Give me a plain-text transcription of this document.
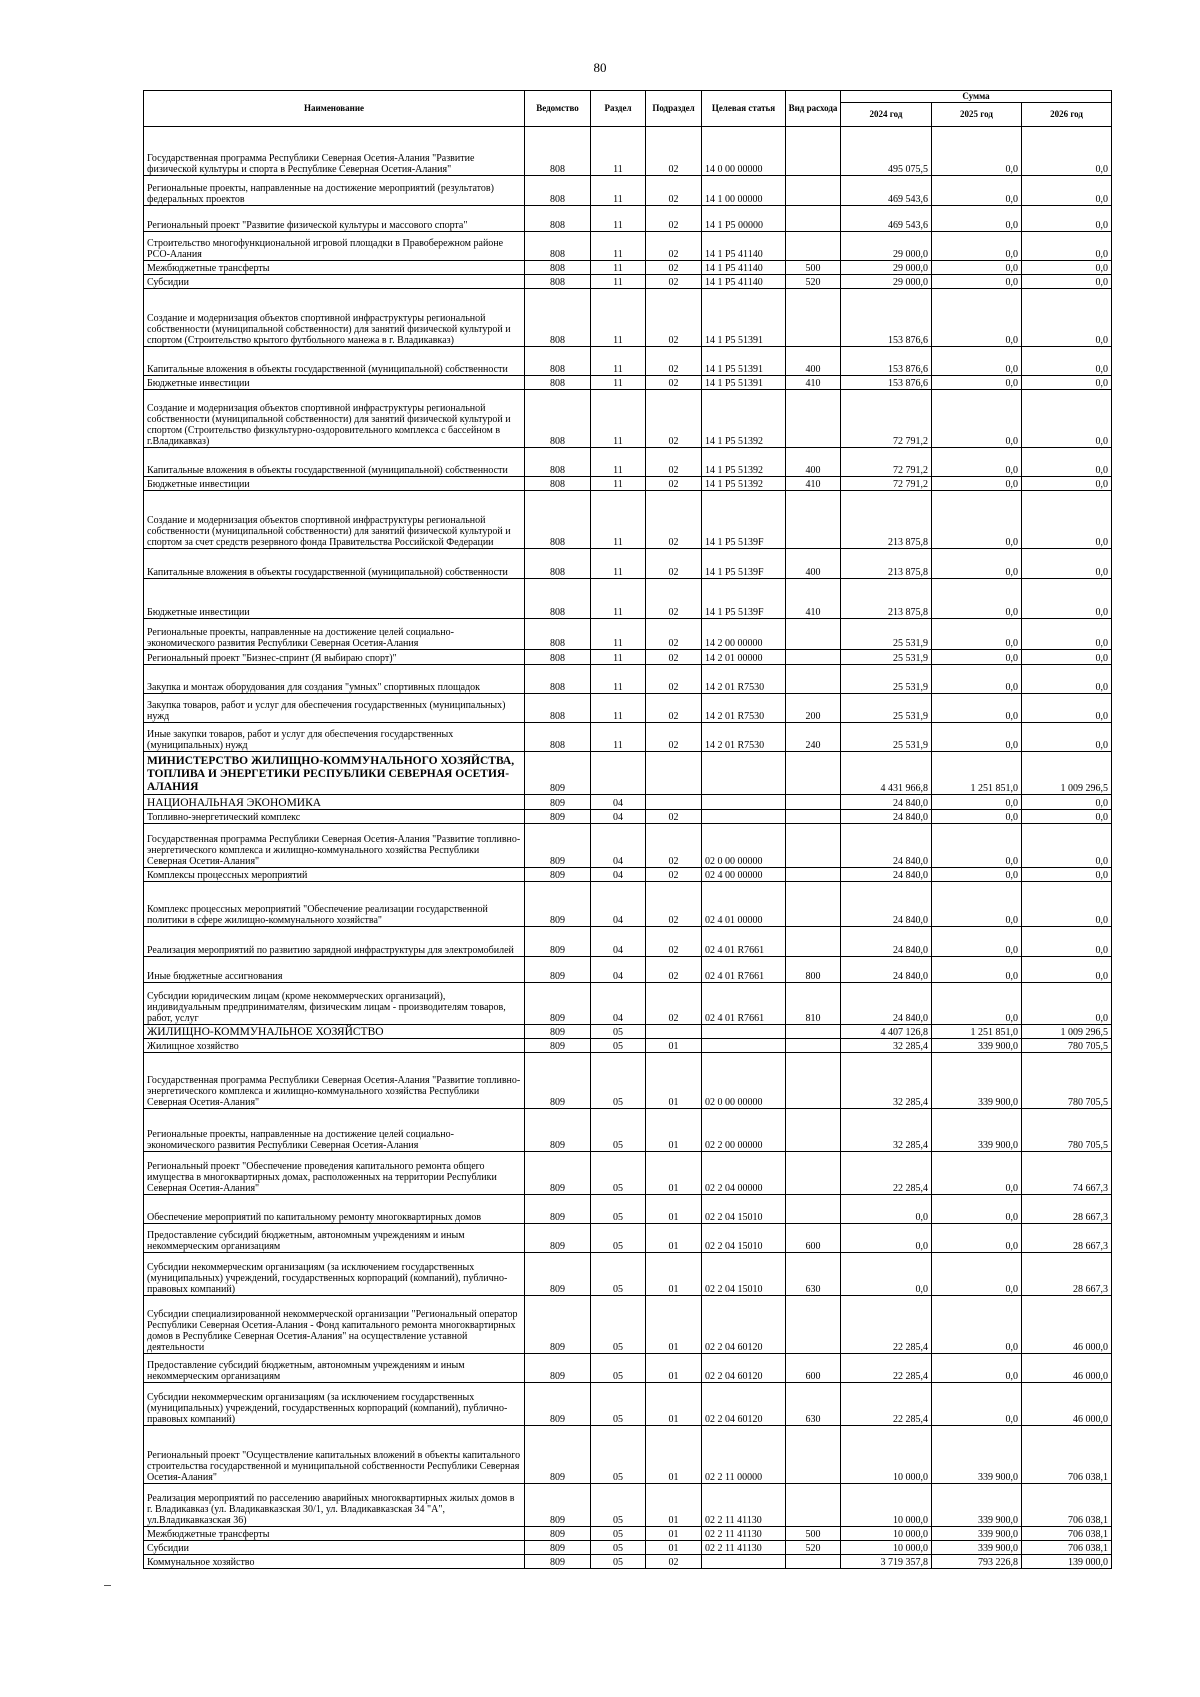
80
Наименование	Ведомство	Раздел	Подраздел	Целевая статья	Вид расхода	Сумма		
						2024 год	2025 год	2026 год
Государственная программа Республики Северная Осетия-Алания "Развитие физической культуры и спорта в Республике Северная Осетия-Алания"	808	11	02	14 0 00 00000		495 075,5	0,0	0,0
Региональные проекты, направленные на достижение мероприятий (результатов) федеральных проектов	808	11	02	14 1 00 00000		469 543,6	0,0	0,0
Региональный проект "Развитие физической культуры и массового спорта"	808	11	02	14 1 P5 00000		469 543,6	0,0	0,0
Строительство многофункциональной игровой площадки в Правобережном районе РСО-Алания	808	11	02	14 1 P5 41140		29 000,0	0,0	0,0
Межбюджетные трансферты	808	11	02	14 1 P5 41140	500	29 000,0	0,0	0,0
Субсидии	808	11	02	14 1 P5 41140	520	29 000,0	0,0	0,0
Создание и модернизация объектов спортивной инфраструктуры региональной собственности (муниципальной собственности) для занятий физической культурой и спортом (Строительство крытого футбольного манежа в г. Владикавказ)	808	11	02	14 1 P5 51391		153 876,6	0,0	0,0
Капитальные вложения в объекты государственной (муниципальной) собственности	808	11	02	14 1 P5 51391	400	153 876,6	0,0	0,0
Бюджетные инвестиции	808	11	02	14 1 P5 51391	410	153 876,6	0,0	0,0
Создание и модернизация объектов спортивной инфраструктуры региональной собственности (муниципальной собственности) для занятий физической культурой и спортом (Строительство физкультурно-оздоровительного комплекса с бассейном в г.Владикавказ)	808	11	02	14 1 P5 51392		72 791,2	0,0	0,0
Капитальные вложения в объекты государственной (муниципальной) собственности	808	11	02	14 1 P5 51392	400	72 791,2	0,0	0,0
Бюджетные инвестиции	808	11	02	14 1 P5 51392	410	72 791,2	0,0	0,0
Создание и модернизация объектов спортивной инфраструктуры региональной собственности (муниципальной собственности) для занятий физической культурой и спортом за счет средств резервного фонда Правительства Российской Федерации	808	11	02	14 1 P5 5139F		213 875,8	0,0	0,0
Капитальные вложения в объекты государственной (муниципальной) собственности	808	11	02	14 1 P5 5139F	400	213 875,8	0,0	0,0
Бюджетные инвестиции	808	11	02	14 1 P5 5139F	410	213 875,8	0,0	0,0
Региональные проекты, направленные на достижение целей социально-экономического развития Республики Северная Осетия-Алания	808	11	02	14 2 00 00000		25 531,9	0,0	0,0
Региональный проект "Бизнес-спринт (Я выбираю спорт)"	808	11	02	14 2 01 00000		25 531,9	0,0	0,0
Закупка и монтаж оборудования для создания "умных" спортивных площадок	808	11	02	14 2 01 R7530		25 531,9	0,0	0,0
Закупка товаров, работ и услуг для обеспечения государственных (муниципальных) нужд	808	11	02	14 2 01 R7530	200	25 531,9	0,0	0,0
Иные закупки товаров, работ и услуг для обеспечения государственных (муниципальных) нужд	808	11	02	14 2 01 R7530	240	25 531,9	0,0	0,0
МИНИСТЕРСТВО ЖИЛИЩНО-КОММУНАЛЬНОГО ХОЗЯЙСТВА, ТОПЛИВА И ЭНЕРГЕТИКИ РЕСПУБЛИКИ СЕВЕРНАЯ ОСЕТИЯ-АЛАНИЯ	809					4 431 966,8	1 251 851,0	1 009 296,5
НАЦИОНАЛЬНАЯ ЭКОНОМИКА	809	04				24 840,0	0,0	0,0
Топливно-энергетический комплекс	809	04	02			24 840,0	0,0	0,0
Государственная программа Республики Северная Осетия-Алания "Развитие топливно-энергетического комплекса и жилищно-коммунального хозяйства Республики Северная Осетия-Алания"	809	04	02	02 0 00 00000		24 840,0	0,0	0,0
Комплексы процессных мероприятий	809	04	02	02 4 00 00000		24 840,0	0,0	0,0
Комплекс процессных мероприятий "Обеспечение реализации государственной политики в сфере жилищно-коммунального хозяйства"	809	04	02	02 4 01 00000		24 840,0	0,0	0,0
Реализация мероприятий по развитию зарядной инфраструктуры для электромобилей	809	04	02	02 4 01 R7661		24 840,0	0,0	0,0
Иные бюджетные ассигнования	809	04	02	02 4 01 R7661	800	24 840,0	0,0	0,0
Субсидии юридическим лицам (кроме некоммерческих организаций), индивидуальным предпринимателям, физическим лицам - производителям товаров, работ, услуг	809	04	02	02 4 01 R7661	810	24 840,0	0,0	0,0
ЖИЛИЩНО-КОММУНАЛЬНОЕ ХОЗЯЙСТВО	809	05				4 407 126,8	1 251 851,0	1 009 296,5
Жилищное хозяйство	809	05	01			32 285,4	339 900,0	780 705,5
Государственная программа Республики Северная Осетия-Алания "Развитие топливно-энергетического комплекса и жилищно-коммунального хозяйства Республики Северная Осетия-Алания"	809	05	01	02 0 00 00000		32 285,4	339 900,0	780 705,5
Региональные проекты, направленные на достижение целей социально-экономического развития Республики Северная Осетия-Алания	809	05	01	02 2 00 00000		32 285,4	339 900,0	780 705,5
Региональный проект "Обеспечение проведения капитального ремонта общего имущества в многоквартирных домах, расположенных на территории Республики Северная Осетия-Алания"	809	05	01	02 2 04 00000		22 285,4	0,0	74 667,3
Обеспечение мероприятий по капитальному ремонту многоквартирных домов	809	05	01	02 2 04 15010		0,0	0,0	28 667,3
Предоставление субсидий бюджетным, автономным учреждениям и иным некоммерческим организациям	809	05	01	02 2 04 15010	600	0,0	0,0	28 667,3
Субсидии некоммерческим организациям (за исключением государственных (муниципальных) учреждений, государственных корпораций (компаний), публично-правовых компаний)	809	05	01	02 2 04 15010	630	0,0	0,0	28 667,3
Субсидии специализированной некоммерческой организации "Региональный оператор Республики Северная Осетия-Алания - Фонд капитального ремонта многоквартирных домов в Республике Северная Осетия-Алания" на осуществление уставной деятельности	809	05	01	02 2 04 60120		22 285,4	0,0	46 000,0
Предоставление субсидий бюджетным, автономным учреждениям и иным некоммерческим организациям	809	05	01	02 2 04 60120	600	22 285,4	0,0	46 000,0
Субсидии некоммерческим организациям (за исключением государственных (муниципальных) учреждений, государственных корпораций (компаний), публично-правовых компаний)	809	05	01	02 2 04 60120	630	22 285,4	0,0	46 000,0
Региональный проект "Осуществление капитальных вложений в объекты капитального строительства государственной и муниципальной собственности Республики Северная Осетия-Алания"	809	05	01	02 2 11 00000		10 000,0	339 900,0	706 038,1
Реализация мероприятий по расселению аварийных многоквартирных жилых домов в г. Владикавказ (ул. Владикавказская 30/1, ул. Владикавказская 34 "А", ул.Владикавказская 36)	809	05	01	02 2 11 41130		10 000,0	339 900,0	706 038,1
Межбюджетные трансферты	809	05	01	02 2 11 41130	500	10 000,0	339 900,0	706 038,1
Субсидии	809	05	01	02 2 11 41130	520	10 000,0	339 900,0	706 038,1
Коммунальное хозяйство	809	05	02			3 719 357,8	793 226,8	139 000,0
